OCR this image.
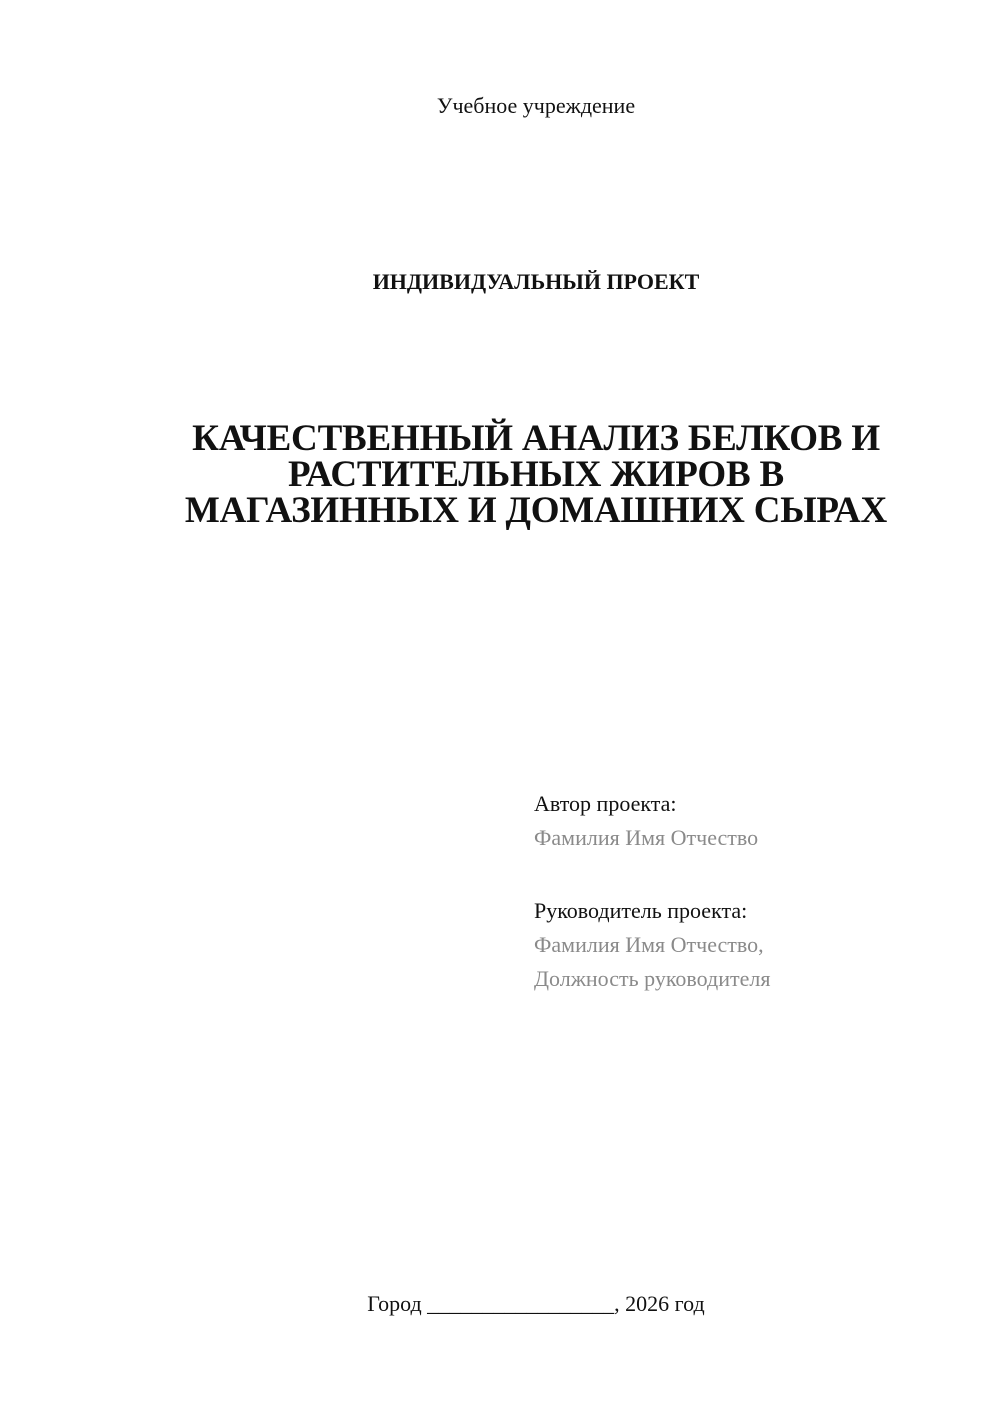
Учебное учреждение
ИНДИВИДУАЛЬНЫЙ ПРОЕКТ
КАЧЕСТВЕННЫЙ АНАЛИЗ БЕЛКОВ И
РАСТИТЕЛЬНЫХ ЖИРОВ В
МАГАЗИННЫХ И ДОМАШНИХ СЫРАХ
Автор проекта:
Фамилия Имя Отчество
Руководитель проекта:
Фамилия Имя Отчество,
Должность руководителя
Город _________________, 2026 год
